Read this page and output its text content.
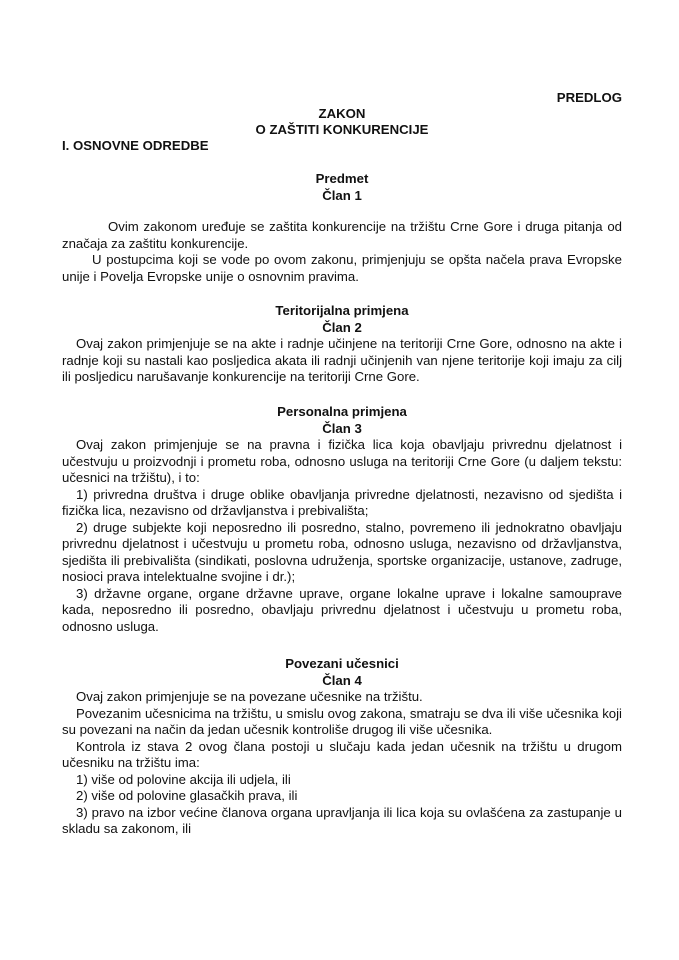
PREDLOG
ZAKON
O ZAŠTITI KONKURENCIJE
I. OSNOVNE ODREDBE
Predmet
Član 1

Ovim zakonom uređuje se zaštita konkurencije na tržištu Crne Gore i druga pitanja od značaja za zaštitu konkurencije.

U postupcima koji se vode po ovom zakonu, primjenjuju se opšta načela prava Evropske unije i Povelja Evropske unije o osnovnim pravima.

Teritorijalna primjena
Član 2

Ovaj zakon primjenjuje se na akte i radnje učinjene na teritoriji Crne Gore, odnosno na akte i radnje koji su nastali kao posljedica akata ili radnji učinjenih van njene teritorije koji imaju za cilj ili posljedicu narušavanje konkurencije na teritoriji Crne Gore.

Personalna primjena
Član 3

Ovaj zakon primjenjuje se na pravna i fizička lica koja obavljaju privrednu djelatnost i učestvuju u proizvodnji i prometu roba, odnosno usluga na teritoriji Crne Gore (u daljem tekstu: učesnici na tržištu), i to:

1) privredna društva i druge oblike obavljanja privredne djelatnosti, nezavisno od sjedišta i fizička lica, nezavisno od državljanstva i prebivališta;

2) druge subjekte koji neposredno ili posredno, stalno, povremeno ili jednokratno obavljaju privrednu djelatnost i učestvuju u prometu roba, odnosno usluga, nezavisno od državljanstva, sjedišta ili prebivališta (sindikati, poslovna udruženja, sportske organizacije, ustanove, zadruge, nosioci prava intelektualne svojine i dr.);

3) državne organe, organe državne uprave, organe lokalne uprave i lokalne samouprave kada, neposredno ili posredno, obavljaju privrednu djelatnost i učestvuju u prometu roba, odnosno usluga.

Povezani učesnici
Član 4

Ovaj zakon primjenjuje se na povezane učesnike na tržištu.

Povezanim učesnicima na tržištu, u smislu ovog zakona, smatraju se dva ili više učesnika koji su povezani na način da jedan učesnik kontroliše drugog ili više učesnika.

Kontrola iz stava 2 ovog člana postoji u slučaju kada jedan učesnik na tržištu u drugom učesniku na tržištu ima:

1) više od polovine akcija ili udjela, ili

2) više od polovine glasačkih prava, ili

3) pravo na izbor većine članova organa upravljanja ili lica koja su ovlašćena za zastupanje u skladu sa zakonom, ili
